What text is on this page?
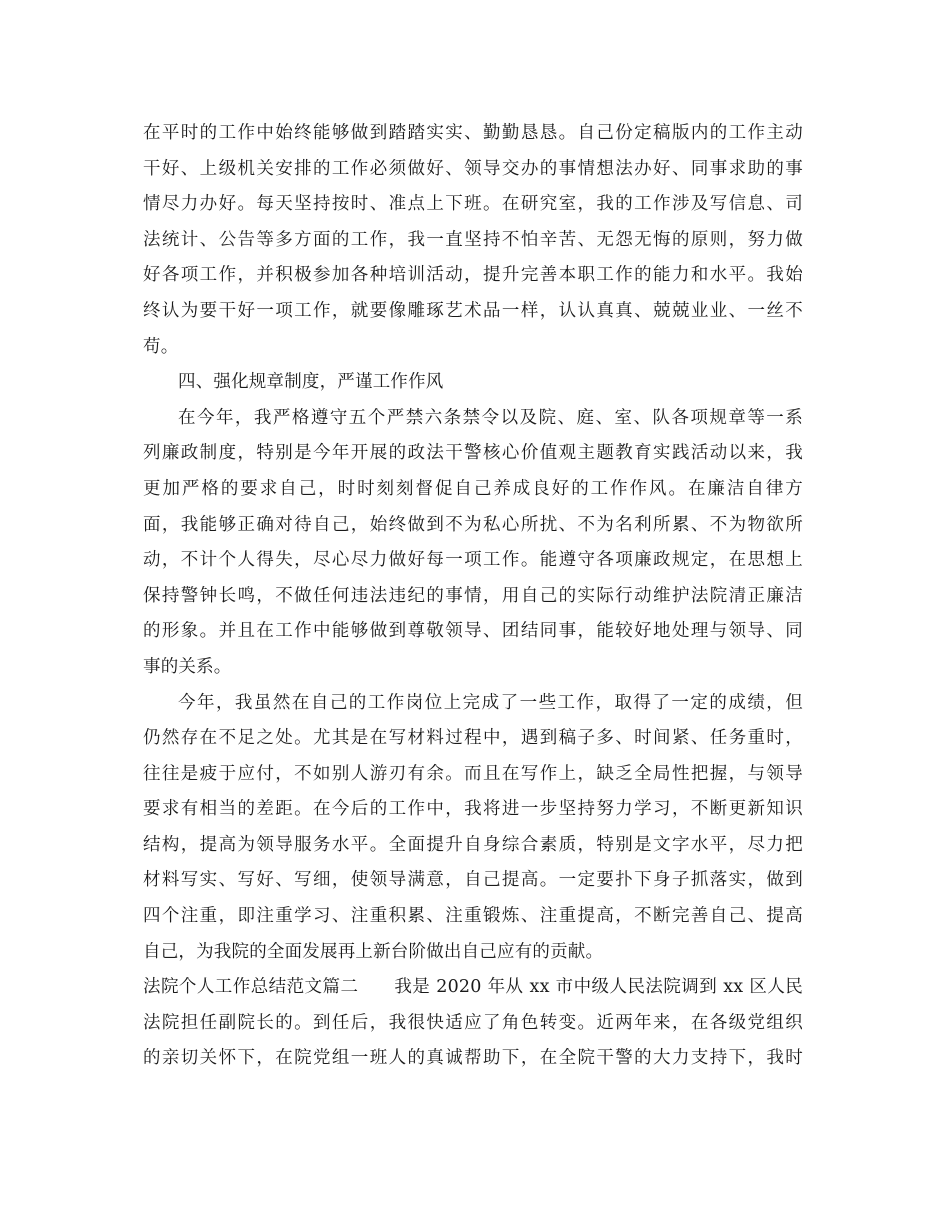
在平时的工作中始终能够做到踏踏实实、勤勤恳恳。自己份定稿版内的工作主动
干好、上级机关安排的工作必须做好、领导交办的事情想法办好、同事求助的事
情尽力办好。每天坚持按时、准点上下班。在研究室，我的工作涉及写信息、司
法统计、公告等多方面的工作，我一直坚持不怕辛苦、无怨无悔的原则，努力做
好各项工作，并积极参加各种培训活动，提升完善本职工作的能力和水平。我始
终认为要干好一项工作，就要像雕琢艺术品一样，认认真真、兢兢业业、一丝不
苟。
四、强化规章制度，严谨工作作风
在今年，我严格遵守五个严禁六条禁令以及院、庭、室、队各项规章等一系
列廉政制度，特别是今年开展的政法干警核心价值观主题教育实践活动以来，我
更加严格的要求自己，时时刻刻督促自己养成良好的工作作风。在廉洁自律方
面，我能够正确对待自己，始终做到不为私心所扰、不为名利所累、不为物欲所
动，不计个人得失，尽心尽力做好每一项工作。能遵守各项廉政规定，在思想上
保持警钟长鸣，不做任何违法违纪的事情，用自己的实际行动维护法院清正廉洁
的形象。并且在工作中能够做到尊敬领导、团结同事，能较好地处理与领导、同
事的关系。
今年，我虽然在自己的工作岗位上完成了一些工作，取得了一定的成绩，但
仍然存在不足之处。尤其是在写材料过程中，遇到稿子多、时间紧、任务重时，
往往是疲于应付，不如别人游刃有余。而且在写作上，缺乏全局性把握，与领导
要求有相当的差距。在今后的工作中，我将进一步坚持努力学习，不断更新知识
结构，提高为领导服务水平。全面提升自身综合素质，特别是文字水平，尽力把
材料写实、写好、写细，使领导满意，自己提高。一定要扑下身子抓落实，做到
四个注重，即注重学习、注重积累、注重锻炼、注重提高，不断完善自己、提高
自己，为我院的全面发展再上新台阶做出自己应有的贡献。
法院个人工作总结范文篇二　　我是 2020 年从 xx 市中级人民法院调到 xx 区人民
法院担任副院长的。到任后，我很快适应了角色转变。近两年来，在各级党组织
的亲切关怀下，在院党组一班人的真诚帮助下，在全院干警的大力支持下，我时
